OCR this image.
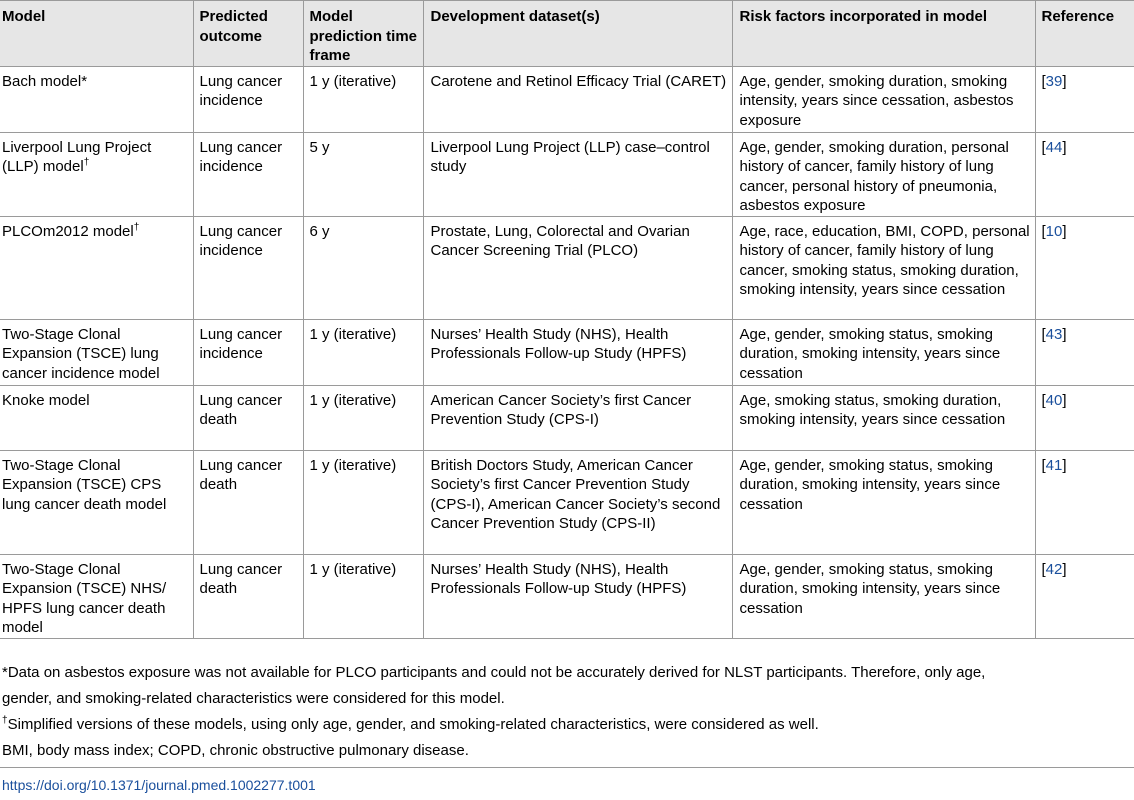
Model	Predicted outcome	Model prediction time frame	Development dataset(s)	Risk factors incorporated in model	Reference
Bach model*	Lung cancer incidence	1 y (iterative)	Carotene and Retinol Efficacy Trial (CARET)	Age, gender, smoking duration, smoking intensity, years since cessation, asbestos exposure	[39]
Liverpool Lung Project (LLP) model†	Lung cancer incidence	5 y	Liverpool Lung Project (LLP) case–control study	Age, gender, smoking duration, personal history of cancer, family history of lung cancer, personal history of pneumonia, asbestos exposure	[44]
PLCOm2012 model†	Lung cancer incidence	6 y	Prostate, Lung, Colorectal and Ovarian Cancer Screening Trial (PLCO)	Age, race, education, BMI, COPD, personal history of cancer, family history of lung cancer, smoking status, smoking duration, smoking intensity, years since cessation	[10]
Two-Stage Clonal Expansion (TSCE) lung cancer incidence model	Lung cancer incidence	1 y (iterative)	Nurses’ Health Study (NHS), Health Professionals Follow-up Study (HPFS)	Age, gender, smoking status, smoking duration, smoking intensity, years since cessation	[43]
Knoke model	Lung cancer death	1 y (iterative)	American Cancer Society’s first Cancer Prevention Study (CPS-I)	Age, smoking status, smoking duration, smoking intensity, years since cessation	[40]
Two-Stage Clonal Expansion (TSCE) CPS lung cancer death model	Lung cancer death	1 y (iterative)	British Doctors Study, American Cancer Society’s first Cancer Prevention Study (CPS-I), American Cancer Society’s second Cancer Prevention Study (CPS-II)	Age, gender, smoking status, smoking duration, smoking intensity, years since cessation	[41]
Two-Stage Clonal Expansion (TSCE) NHS/ HPFS lung cancer death model	Lung cancer death	1 y (iterative)	Nurses’ Health Study (NHS), Health Professionals Follow-up Study (HPFS)	Age, gender, smoking status, smoking duration, smoking intensity, years since cessation	[42]
*Data on asbestos exposure was not available for PLCO participants and could not be accurately derived for NLST participants. Therefore, only age,
gender, and smoking-related characteristics were considered for this model.
†Simplified versions of these models, using only age, gender, and smoking-related characteristics, were considered as well.
BMI, body mass index; COPD, chronic obstructive pulmonary disease.
https://doi.org/10.1371/journal.pmed.1002277.t001
